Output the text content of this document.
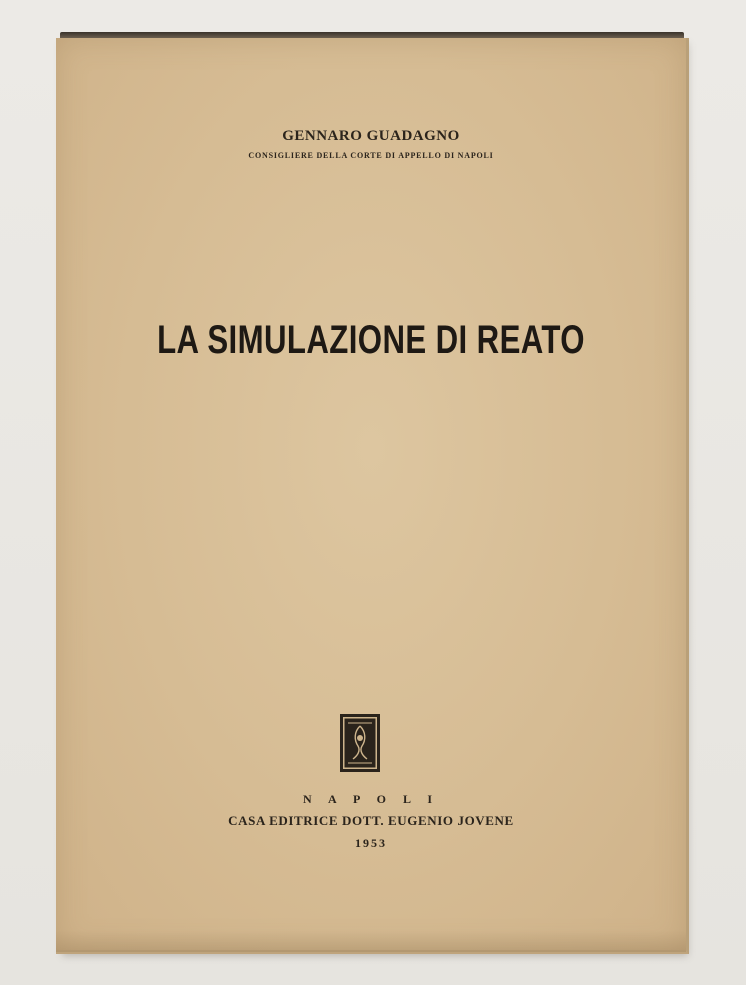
GENNARO GUADAGNO
CONSIGLIERE DELLA CORTE DI APPELLO DI NAPOLI
LA SIMULAZIONE DI REATO
N A P O L I
CASA EDITRICE DOTT. EUGENIO JOVENE
1953
